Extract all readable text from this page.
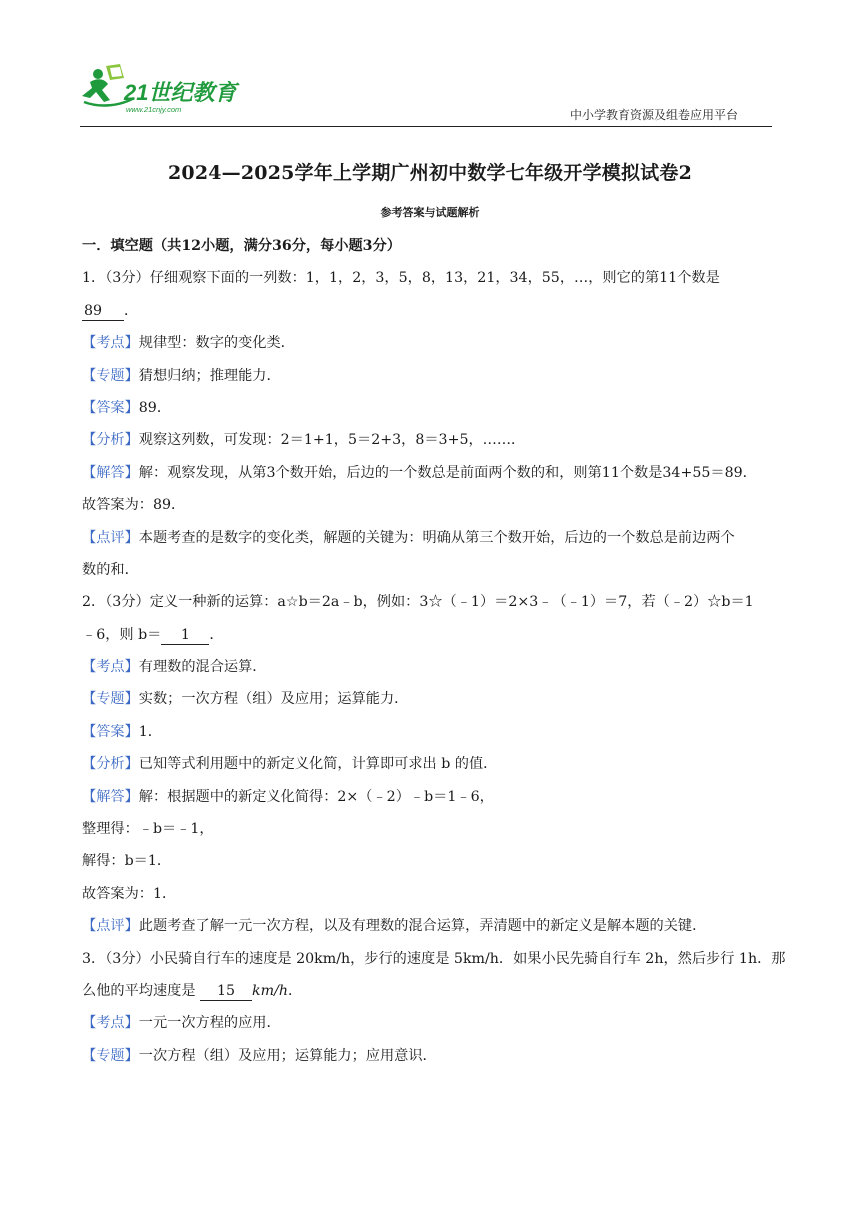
21世纪教育
www.21cnjy.com	中小学教育资源及组卷应用平台
2024—2025学年上学期广州初中数学七年级开学模拟试卷2
参考答案与试题解析
一．填空题（共12小题，满分36分，每小题3分）
1．（3分）仔细观察下面的一列数：1，1，2，3，5，8，13，21，34，55，…，则它的第11个数是
89 ．
【考点】规律型：数字的变化类．
【专题】猜想归纳；推理能力．
【答案】89．
【分析】观察这列数，可发现：2＝1+1，5＝2+3，8＝3+5，……．
【解答】解：观察发现，从第3个数开始，后边的一个数总是前面两个数的和，则第11个数是34+55＝89．
故答案为：89．
【点评】本题考查的是数字的变化类，解题的关键为：明确从第三个数开始，后边的一个数总是前边两个
数的和．
2．（3分）定义一种新的运算：a☆b＝2a﹣b，例如：3☆（﹣1）＝2×3﹣（﹣1）＝7，若（﹣2）☆b＝1
﹣6，则 b＝ 1 ．
【考点】有理数的混合运算．
【专题】实数；一次方程（组）及应用；运算能力．
【答案】1．
【分析】已知等式利用题中的新定义化简，计算即可求出 b 的值．
【解答】解：根据题中的新定义化简得：2×（﹣2）﹣b＝1﹣6，
整理得：﹣b＝﹣1，
解得：b＝1．
故答案为：1．
【点评】此题考查了解一元一次方程，以及有理数的混合运算，弄清题中的新定义是解本题的关键．
3．（3分）小民骑自行车的速度是 20km/h，步行的速度是 5km/h．如果小民先骑自行车 2h，然后步行 1h．那
么他的平均速度是 15 km/h．
【考点】一元一次方程的应用．
【专题】一次方程（组）及应用；运算能力；应用意识．
